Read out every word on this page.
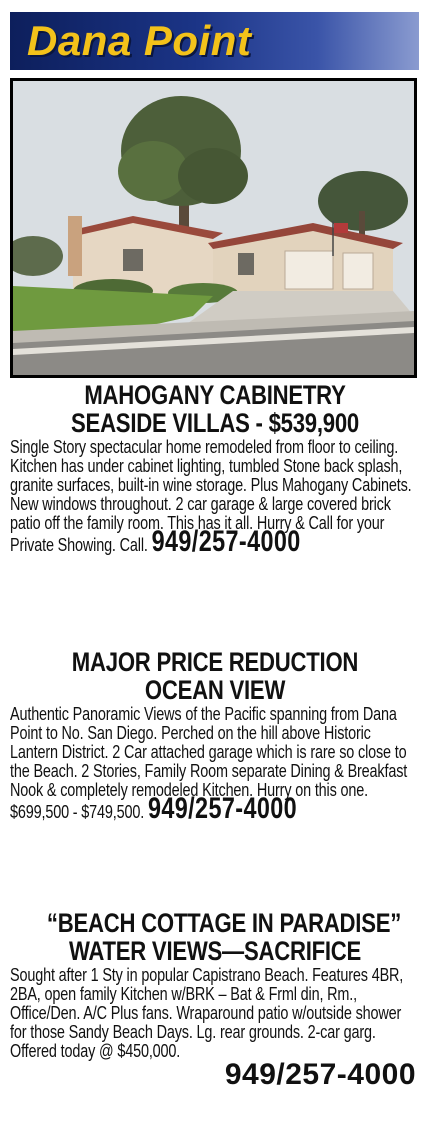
Dana Point
MAHOGANY CABINETRY
SEASIDE VILLAS - $539,900
Single Story spectacular home remodeled from floor to ceiling. Kitchen has under cabinet lighting, tumbled Stone back splash, granite surfaces, built-in wine storage. Plus Mahogany Cabinets. New windows throughout. 2 car garage & large covered brick patio off the family room. This has it all. Hurry & Call for your Private Showing. Call. 949/257-4000
MAJOR PRICE REDUCTION
OCEAN VIEW
Authentic Panoramic Views of the Pacific spanning from Dana Point to No. San Diego. Perched on the hill above Historic Lantern District. 2 Car attached garage which is rare so close to the Beach. 2 Stories, Family Room separate Dining & Breakfast Nook & completely remodeled Kitchen. Hurry on this one. $699,500 - $749,500. 949/257-4000
“BEACH COTTAGE IN PARADISE”
WATER VIEWS—SACRIFICE
Sought after 1 Sty in popular Capistrano Beach. Features 4BR, 2BA, open family Kitchen w/BRK – Bat & Frml din, Rm., Office/Den. A/C Plus fans. Wraparound patio w/outside shower for those Sandy Beach Days. Lg. rear grounds. 2-car garg. Offered today @ $450,000.
949/257-4000
